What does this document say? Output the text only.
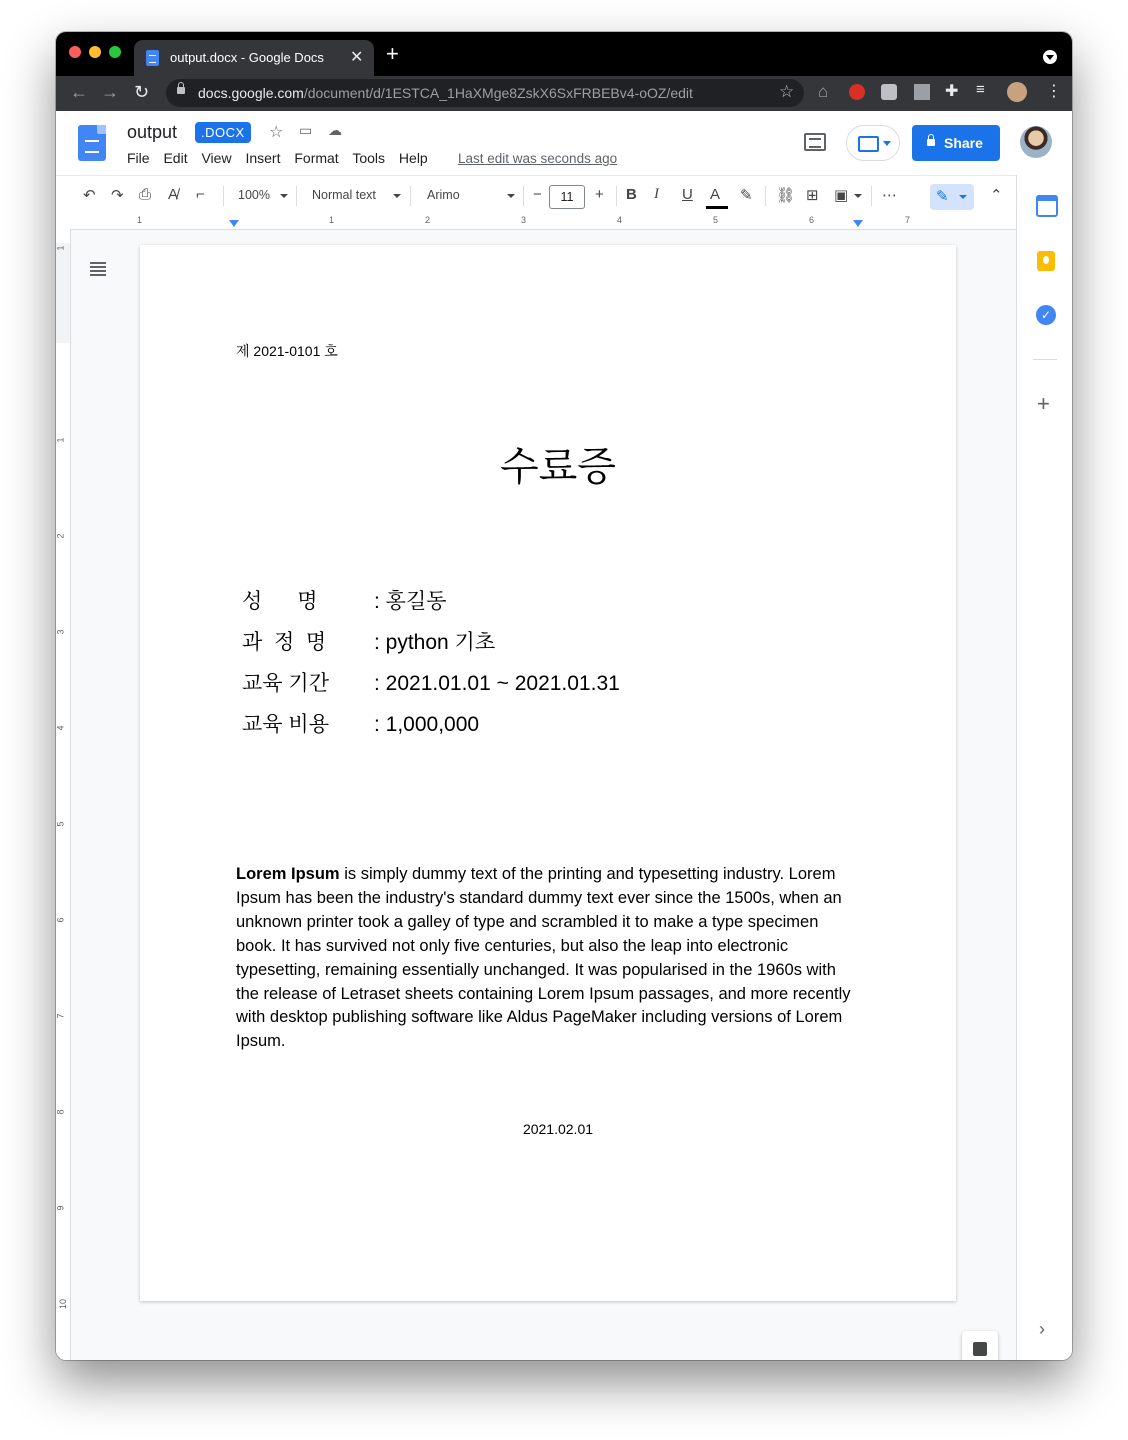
output.docx - Google Docs ✕ +
← → ↻	docs.google.com/document/d/1ESTCA_1HaXMge8ZskX6SxFRBEBv4-oOZ/edit	☆ ⌂	✚ ≡	⋮
output	.DOCX	☆ ▭ ☁
File Edit View Insert Format Tools Help	Last edit was seconds ago
Share
↶ ↷ ⎙ A̸ ⌐	100%	Normal text	Arimo	−	11	+ B I U A ✎ ⛓ ⊞ ▣ ⋯	✎	⌃
✓
+
›
1	1	2	3	4	5	6	7
1
1
2
3
4
5
6
7
8
9
10
제 2021-0101 호
수료증
성      명	: 홍길동
과  정  명 : python 기초
교육 기간 : 2021.01.01 ~ 2021.01.31
교육 비용 : 1,000,000
Lorem Ipsum is simply dummy text of the printing and typesetting industry. Lorem Ipsum has been the industry's standard dummy text ever since the 1500s, when an unknown printer took a galley of type and scrambled it to make a type specimen book. It has survived not only five centuries, but also the leap into electronic typesetting, remaining essentially unchanged. It was popularised in the 1960s with the release of Letraset sheets containing Lorem Ipsum passages, and more recently with desktop publishing software like Aldus PageMaker including versions of Lorem Ipsum.
2021.02.01
